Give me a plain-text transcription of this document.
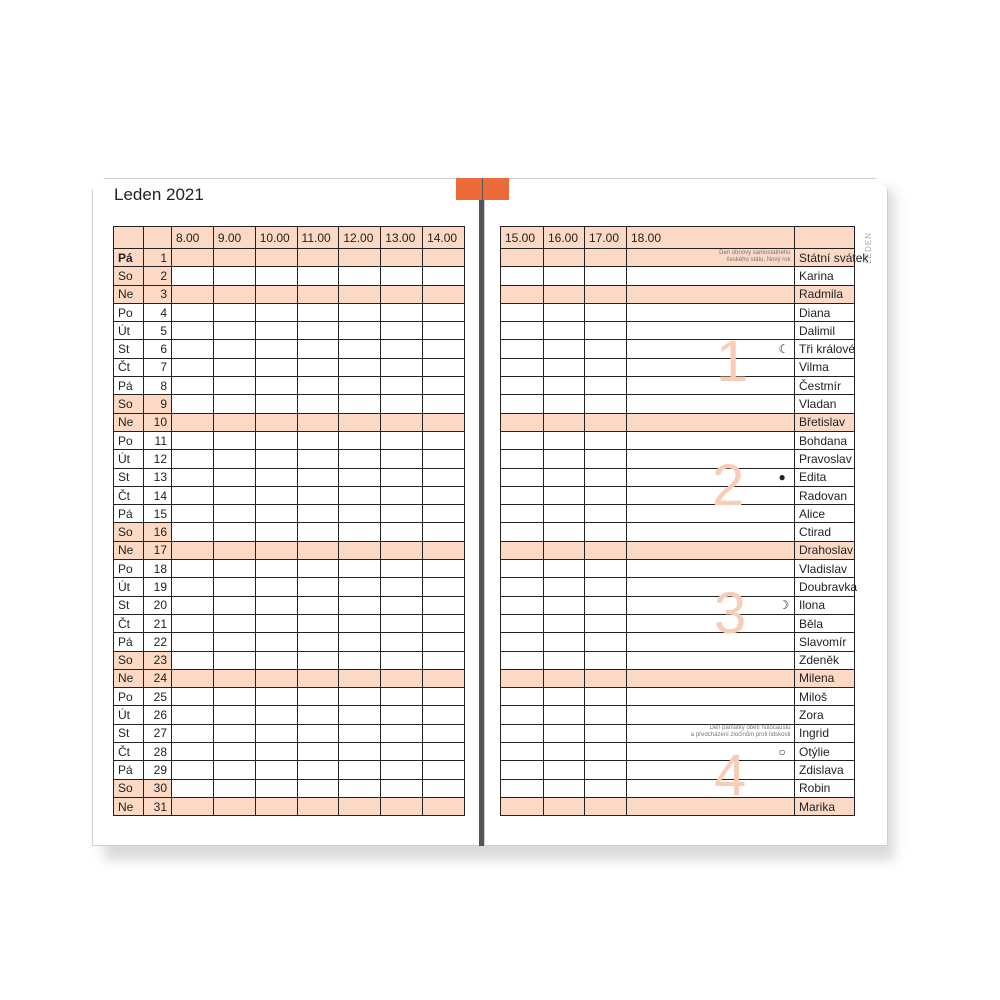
Leden 2021
LEDEN
		8.00	9.00	10.00	11.00	12.00	13.00	14.00
Pá	1							
So	2							
Ne	3							
Po	4							
Út	5							
St	6							
Čt	7							
Pá	8							
So	9							
Ne	10							
Po	11							
Út	12							
St	13							
Čt	14							
Pá	15							
So	16							
Ne	17							
Po	18							
Út	19							
St	20							
Čt	21							
Pá	22							
So	23							
Ne	24							
Po	25							
Út	26							
St	27							
Čt	28							
Pá	29							
So	30							
Ne	31							
15.00	16.00	17.00	18.00	
				Státní svátek
				Karina
				Radmila
				Diana
				Dalimil
				Tři králové
				Vilma
				Čestmír
				Vladan
				Břetislav
				Bohdana
				Pravoslav
				Edita
				Radovan
				Alice
				Ctirad
				Drahoslav
				Vladislav
				Doubravka
				Ilona
				Běla
				Slavomír
				Zdeněk
				Milena
				Miloš
				Zora
				Ingrid
				Otýlie
				Zdislava
				Robin
				Marika
Den obnovy samostatného
českého státu, Nový rok
☾
●
☽
Den památky obětí holocaustu
a předcházení zločinům proti lidskosti
○
1
2
3
4
